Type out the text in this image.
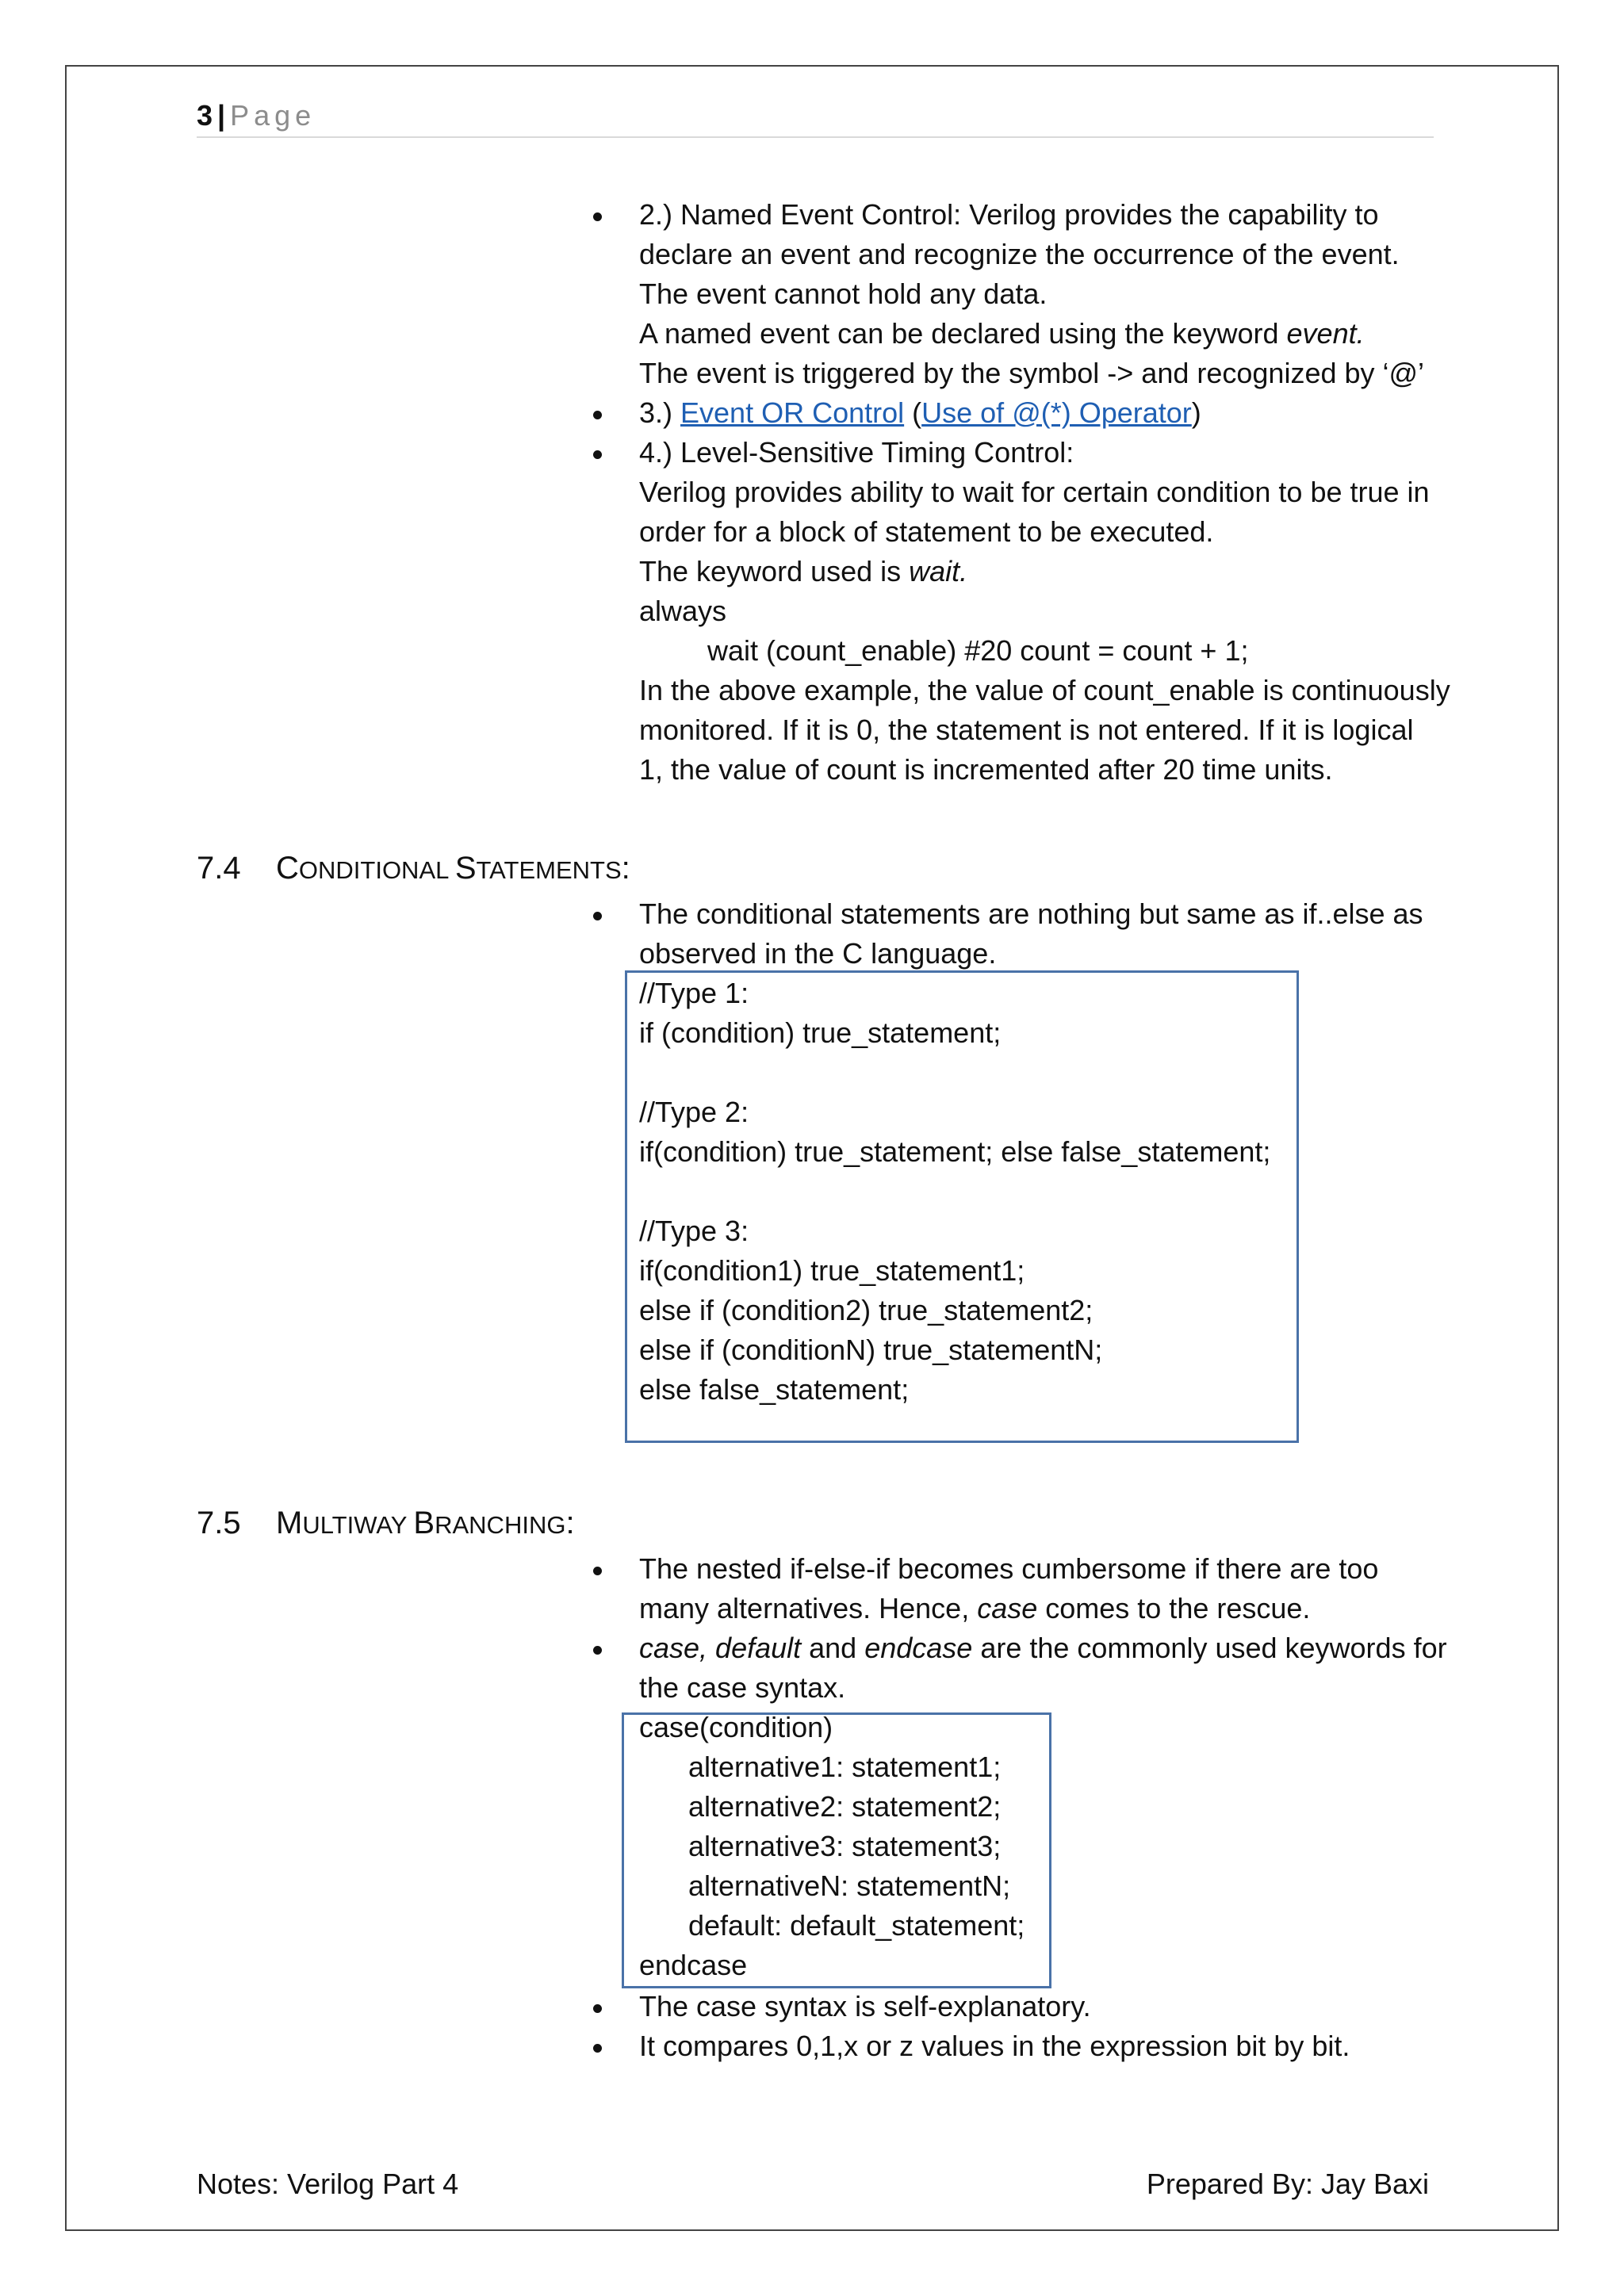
3 | Page
2.) Named Event Control: Verilog provides the capability to
declare an event and recognize the occurrence of the event.
The event cannot hold any data.
A named event can be declared using the keyword event.
The event is triggered by the symbol -> and recognized by ‘@’
3.) Event OR Control (Use of @(*) Operator)
4.) Level-Sensitive Timing Control:
Verilog provides ability to wait for certain condition to be true in
order for a block of statement to be executed.
The keyword used is wait.
always
wait (count_enable) #20 count = count + 1;
In the above example, the value of count_enable is continuously
monitored. If it is 0, the statement is not entered. If it is logical
1, the value of count is incremented after 20 time units.
7.4 CONDITIONAL STATEMENTS:
The conditional statements are nothing but same as if..else as
observed in the C language.
//Type 1:
if (condition) true_statement;

//Type 2:
if(condition) true_statement; else false_statement;

//Type 3:
if(condition1) true_statement1;
else if (condition2) true_statement2;
else if (conditionN) true_statementN;
else false_statement;
7.5 MULTIWAY BRANCHING:
The nested if-else-if becomes cumbersome if there are too
many alternatives. Hence, case comes to the rescue.
case, default and endcase are the commonly used keywords for
the case syntax.
case(condition)
alternative1: statement1;
alternative2: statement2;
alternative3: statement3;
alternativeN: statementN;
default: default_statement;
endcase
The case syntax is self-explanatory.
It compares 0,1,x or z values in the expression bit by bit.
Notes: Verilog Part 4	Prepared By: Jay Baxi
